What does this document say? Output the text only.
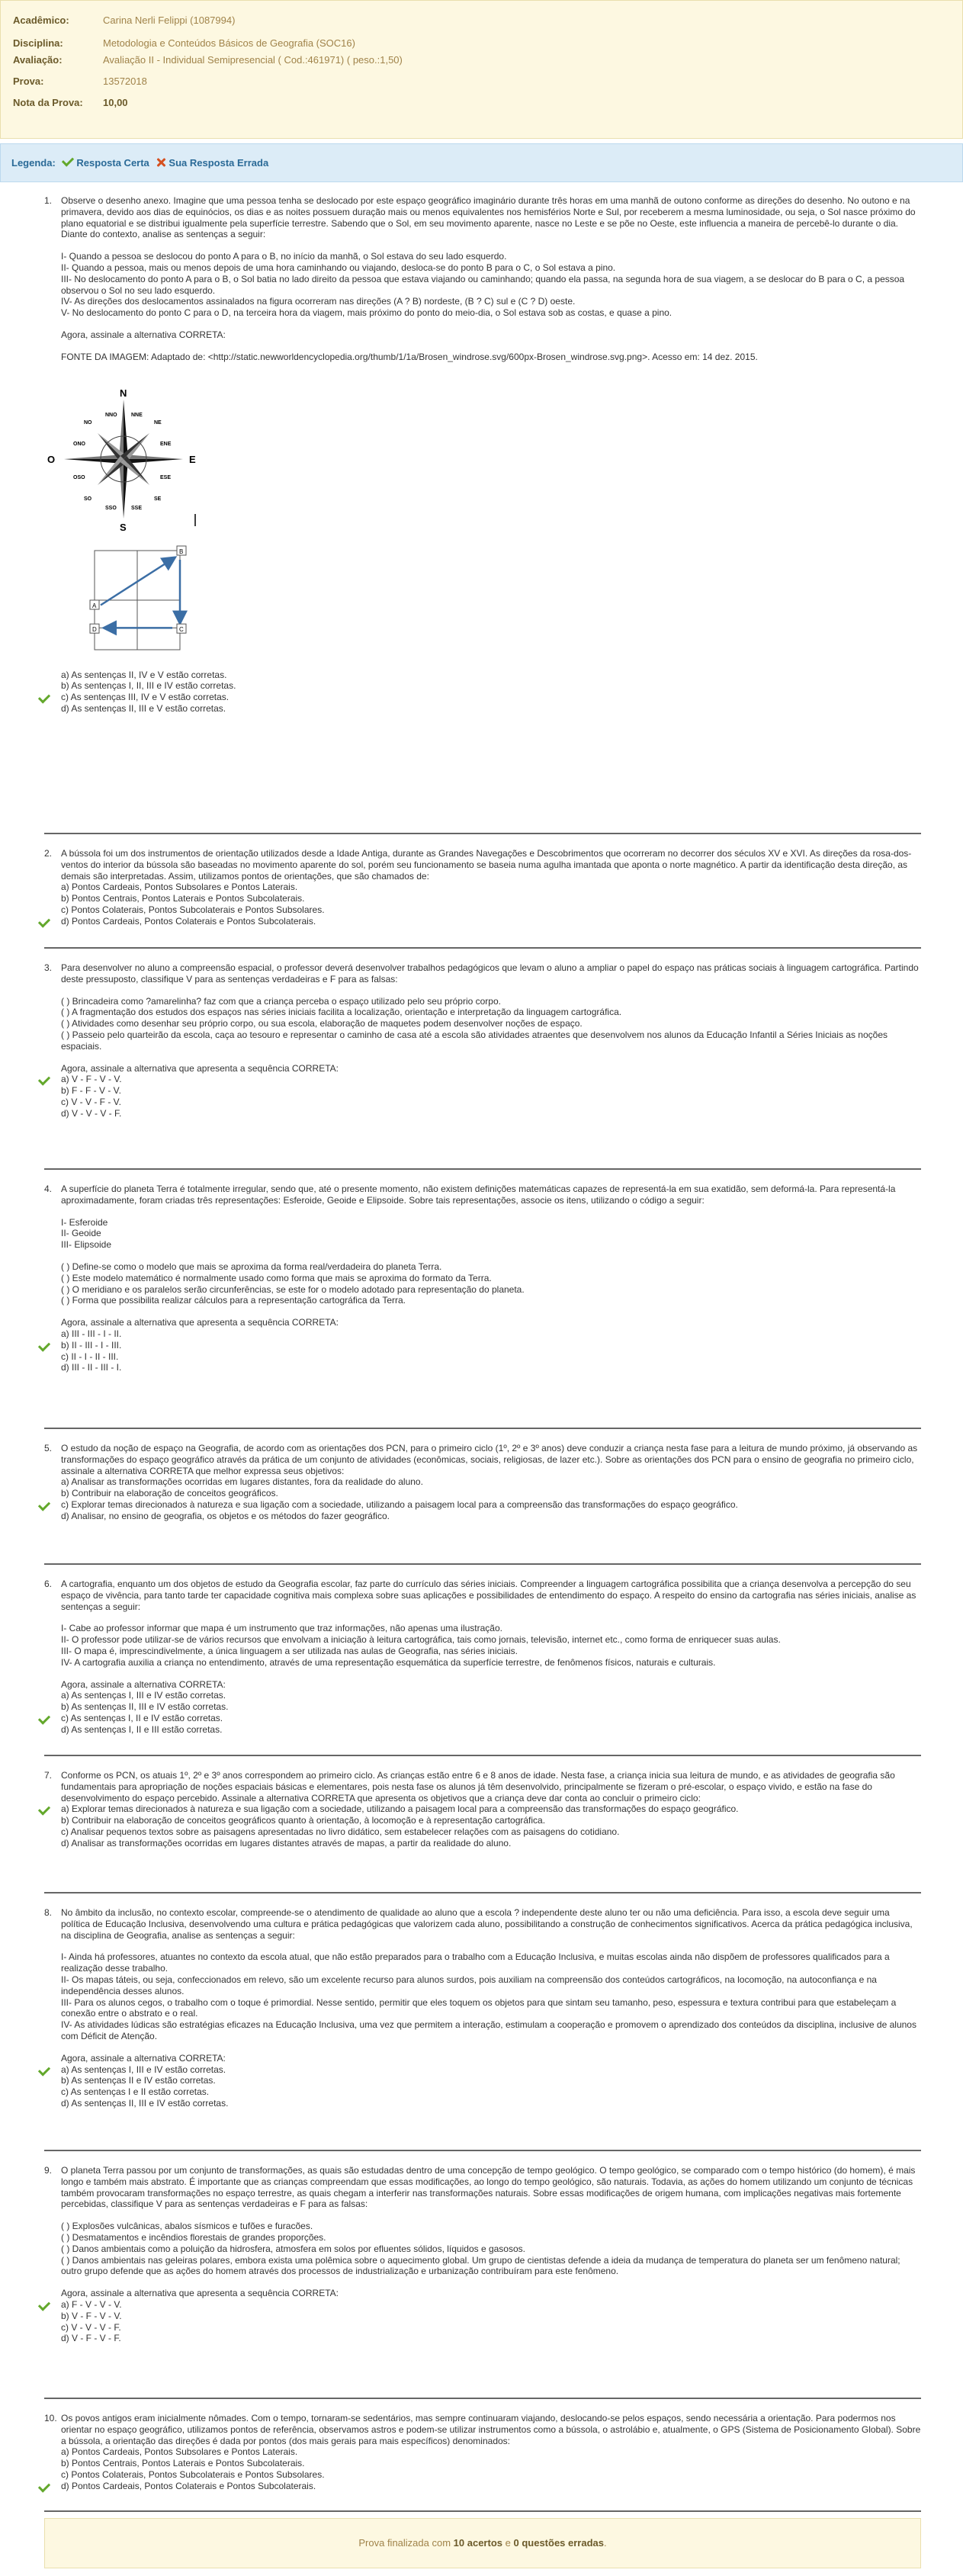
Acadêmico:	Carina Nerli Felippi (1087994)
Disciplina:	Metodologia e Conteúdos Básicos de Geografia (SOC16)
Avaliação:	Avaliação II - Individual Semipresencial ( Cod.:461971) ( peso.:1,50)
Prova:	13572018
Nota da Prova:	10,00
Legenda: Resposta Certa Sua Resposta Errada
1. Observe o desenho anexo. Imagine que uma pessoa tenha se deslocado por este espaço geográfico imaginário durante três horas em uma manhã de outono conforme as direções do desenho. No outono e na primavera, devido aos dias de equinócios, os dias e as noites possuem duração mais ou menos equivalentes nos hemisférios Norte e Sul, por receberem a mesma luminosidade, ou seja, o Sol nasce próximo do plano equatorial e se distribui igualmente pela superfície terrestre. Sabendo que o Sol, em seu movimento aparente, nasce no Leste e se põe no Oeste, este influencia a maneira de percebê-lo durante o dia. Diante do contexto, analise as sentenças a seguir:

I- Quando a pessoa se deslocou do ponto A para o B, no início da manhã, o Sol estava do seu lado esquerdo.

II- Quando a pessoa, mais ou menos depois de uma hora caminhando ou viajando, desloca-se do ponto B para o C, o Sol estava a pino.

III- No deslocamento do ponto A para o B, o Sol batia no lado direito da pessoa que estava viajando ou caminhando; quando ela passa, na segunda hora de sua viagem, a se deslocar do B para o C, a pessoa observou o Sol no seu lado esquerdo.

IV- As direções dos deslocamentos assinalados na figura ocorreram nas direções (A ? B) nordeste, (B ? C) sul e (C ? D) oeste.

V- No deslocamento do ponto C para o D, na terceira hora da viagem, mais próximo do ponto do meio-dia, o Sol estava sob as costas, e quase a pino.

Agora, assinale a alternativa CORRETA:

FONTE DA IMAGEM: Adaptado de: <http://static.newworldencyclopedia.org/thumb/1/1a/Brosen_windrose.svg/600px-Brosen_windrose.svg.png>. Acesso em: 14 dez. 2015.

N
S
O	E
NO	NE
SO	SE
NNO	NNE
ONO	ENE
OSO	ESE
SSO	SSE
A
B
C
D
a) As sentenças II, IV e V estão corretas.
b) As sentenças I, II, III e IV estão corretas.
c) As sentenças III, IV e V estão corretas.
d) As sentenças II, III e V estão corretas.
2. A bússola foi um dos instrumentos de orientação utilizados desde a Idade Antiga, durante as Grandes Navegações e Descobrimentos que ocorreram no decorrer dos séculos XV e XVI. As direções da rosa-dos-ventos do interior da bússola são baseadas no movimento aparente do sol, porém seu funcionamento se baseia numa agulha imantada que aponta o norte magnético. A partir da identificação desta direção, as demais são interpretadas. Assim, utilizamos pontos de orientações, que são chamados de:

a) Pontos Cardeais, Pontos Subsolares e Pontos Laterais.
b) Pontos Centrais, Pontos Laterais e Pontos Subcolaterais.
c) Pontos Colaterais, Pontos Subcolaterais e Pontos Subsolares.
d) Pontos Cardeais, Pontos Colaterais e Pontos Subcolaterais.
3. Para desenvolver no aluno a compreensão espacial, o professor deverá desenvolver trabalhos pedagógicos que levam o aluno a ampliar o papel do espaço nas práticas sociais à linguagem cartográfica. Partindo deste pressuposto, classifique V para as sentenças verdadeiras e F para as falsas:

( ) Brincadeira como ?amarelinha? faz com que a criança perceba o espaço utilizado pelo seu próprio corpo.

( ) A fragmentação dos estudos dos espaços nas séries iniciais facilita a localização, orientação e interpretação da linguagem cartográfica.

( ) Atividades como desenhar seu próprio corpo, ou sua escola, elaboração de maquetes podem desenvolver noções de espaço.

( ) Passeio pelo quarteirão da escola, caça ao tesouro e representar o caminho de casa até a escola são atividades atraentes que desenvolvem nos alunos da Educação Infantil a Séries Iniciais as noções espaciais.

Agora, assinale a alternativa que apresenta a sequência CORRETA:

a) V - F - V - V.
b) F - F - V - V.
c) V - V - F - V.
d) V - V - V - F.
4. A superfície do planeta Terra é totalmente irregular, sendo que, até o presente momento, não existem definições matemáticas capazes de representá-la em sua exatidão, sem deformá-la. Para representá-la aproximadamente, foram criadas três representações: Esferoide, Geoide e Elipsoide. Sobre tais representações, associe os itens, utilizando o código a seguir:

I- Esferoide

II- Geoide

III- Elipsoide

( ) Define-se como o modelo que mais se aproxima da forma real/verdadeira do planeta Terra.

( ) Este modelo matemático é normalmente usado como forma que mais se aproxima do formato da Terra.

( ) O meridiano e os paralelos serão circunferências, se este for o modelo adotado para representação do planeta.

( ) Forma que possibilita realizar cálculos para a representação cartográfica da Terra.

Agora, assinale a alternativa que apresenta a sequência CORRETA:

a) III - III - I - II.
b) II - III - I - III.
c) II - I - II - III.
d) III - II - III - I.
5. O estudo da noção de espaço na Geografia, de acordo com as orientações dos PCN, para o primeiro ciclo (1º, 2º e 3º anos) deve conduzir a criança nesta fase para a leitura de mundo próximo, já observando as transformações do espaço geográfico através da prática de um conjunto de atividades (econômicas, sociais, religiosas, de lazer etc.). Sobre as orientações dos PCN para o ensino de geografia no primeiro ciclo, assinale a alternativa CORRETA que melhor expressa seus objetivos:

a) Analisar as transformações ocorridas em lugares distantes, fora da realidade do aluno.
b) Contribuir na elaboração de conceitos geográficos.
c) Explorar temas direcionados à natureza e sua ligação com a sociedade, utilizando a paisagem local para a compreensão das transformações do espaço geográfico.
d) Analisar, no ensino de geografia, os objetos e os métodos do fazer geográfico.
6. A cartografia, enquanto um dos objetos de estudo da Geografia escolar, faz parte do currículo das séries iniciais. Compreender a linguagem cartográfica possibilita que a criança desenvolva a percepção do seu espaço de vivência, para tanto tarde ter capacidade cognitiva mais complexa sobre suas aplicações e possibilidades de entendimento do espaço. A respeito do ensino da cartografia nas séries iniciais, analise as sentenças a seguir:

I- Cabe ao professor informar que mapa é um instrumento que traz informações, não apenas uma ilustração.

II- O professor pode utilizar-se de vários recursos que envolvam a iniciação à leitura cartográfica, tais como jornais, televisão, internet etc., como forma de enriquecer suas aulas.

III- O mapa é, imprescindivelmente, a única linguagem a ser utilizada nas aulas de Geografia, nas séries iniciais.

IV- A cartografia auxilia a criança no entendimento, através de uma representação esquemática da superfície terrestre, de fenômenos físicos, naturais e culturais.

Agora, assinale a alternativa CORRETA:

a) As sentenças I, III e IV estão corretas.
b) As sentenças II, III e IV estão corretas.
c) As sentenças I, II e IV estão corretas.
d) As sentenças I, II e III estão corretas.
7. Conforme os PCN, os atuais 1º, 2º e 3º anos correspondem ao primeiro ciclo. As crianças estão entre 6 e 8 anos de idade. Nesta fase, a criança inicia sua leitura de mundo, e as atividades de geografia são fundamentais para apropriação de noções espaciais básicas e elementares, pois nesta fase os alunos já têm desenvolvido, principalmente se fizeram o pré-escolar, o espaço vivido, e estão na fase do desenvolvimento do espaço percebido. Assinale a alternativa CORRETA que apresenta os objetivos que a criança deve dar conta ao concluir o primeiro ciclo:

a) Explorar temas direcionados à natureza e sua ligação com a sociedade, utilizando a paisagem local para a compreensão das transformações do espaço geográfico.
b) Contribuir na elaboração de conceitos geográficos quanto à orientação, à locomoção e à representação cartográfica.
c) Analisar pequenos textos sobre as paisagens apresentadas no livro didático, sem estabelecer relações com as paisagens do cotidiano.
d) Analisar as transformações ocorridas em lugares distantes através de mapas, a partir da realidade do aluno.
8. No âmbito da inclusão, no contexto escolar, compreende-se o atendimento de qualidade ao aluno que a escola ? independente deste aluno ter ou não uma deficiência. Para isso, a escola deve seguir uma política de Educação Inclusiva, desenvolvendo uma cultura e prática pedagógicas que valorizem cada aluno, possibilitando a construção de conhecimentos significativos. Acerca da prática pedagógica inclusiva, na disciplina de Geografia, analise as sentenças a seguir:

I- Ainda há professores, atuantes no contexto da escola atual, que não estão preparados para o trabalho com a Educação Inclusiva, e muitas escolas ainda não dispõem de professores qualificados para a realização desse trabalho.

II- Os mapas táteis, ou seja, confeccionados em relevo, são um excelente recurso para alunos surdos, pois auxiliam na compreensão dos conteúdos cartográficos, na locomoção, na autoconfiança e na independência desses alunos.

III- Para os alunos cegos, o trabalho com o toque é primordial. Nesse sentido, permitir que eles toquem os objetos para que sintam seu tamanho, peso, espessura e textura contribui para que estabeleçam a conexão entre o abstrato e o real.

IV- As atividades lúdicas são estratégias eficazes na Educação Inclusiva, uma vez que permitem a interação, estimulam a cooperação e promovem o aprendizado dos conteúdos da disciplina, inclusive de alunos com Déficit de Atenção.

Agora, assinale a alternativa CORRETA:

a) As sentenças I, III e IV estão corretas.
b) As sentenças II e IV estão corretas.
c) As sentenças I e II estão corretas.
d) As sentenças II, III e IV estão corretas.
9. O planeta Terra passou por um conjunto de transformações, as quais são estudadas dentro de uma concepção de tempo geológico. O tempo geológico, se comparado com o tempo histórico (do homem), é mais longo e também mais abstrato. É importante que as crianças compreendam que essas modificações, ao longo do tempo geológico, são naturais. Todavia, as ações do homem utilizando um conjunto de técnicas também provocaram transformações no espaço terrestre, as quais chegam a interferir nas transformações naturais. Sobre essas modificações de origem humana, com implicações negativas mais fortemente percebidas, classifique V para as sentenças verdadeiras e F para as falsas:

( ) Explosões vulcânicas, abalos sísmicos e tufões e furacões.

( ) Desmatamentos e incêndios florestais de grandes proporções.

( ) Danos ambientais como a poluição da hidrosfera, atmosfera em solos por efluentes sólidos, líquidos e gasosos.

( ) Danos ambientais nas geleiras polares, embora exista uma polêmica sobre o aquecimento global. Um grupo de cientistas defende a ideia da mudança de temperatura do planeta ser um fenômeno natural; outro grupo defende que as ações do homem através dos processos de industrialização e urbanização contribuíram para este fenômeno.

Agora, assinale a alternativa que apresenta a sequência CORRETA:

a) F - V - V - V.
b) V - F - V - V.
c) V - V - V - F.
d) V - F - V - F.
10. Os povos antigos eram inicialmente nômades. Com o tempo, tornaram-se sedentários, mas sempre continuaram viajando, deslocando-se pelos espaços, sendo necessária a orientação. Para podermos nos orientar no espaço geográfico, utilizamos pontos de referência, observamos astros e podem-se utilizar instrumentos como a bússola, o astrolábio e, atualmente, o GPS (Sistema de Posicionamento Global). Sobre a bússola, a orientação das direções é dada por pontos (dos mais gerais para mais específicos) denominados:

a) Pontos Cardeais, Pontos Subsolares e Pontos Laterais.
b) Pontos Centrais, Pontos Laterais e Pontos Subcolaterais.
c) Pontos Colaterais, Pontos Subcolaterais e Pontos Subsolares.
d) Pontos Cardeais, Pontos Colaterais e Pontos Subcolaterais.
Prova finalizada com 10 acertos e 0 questões erradas.
